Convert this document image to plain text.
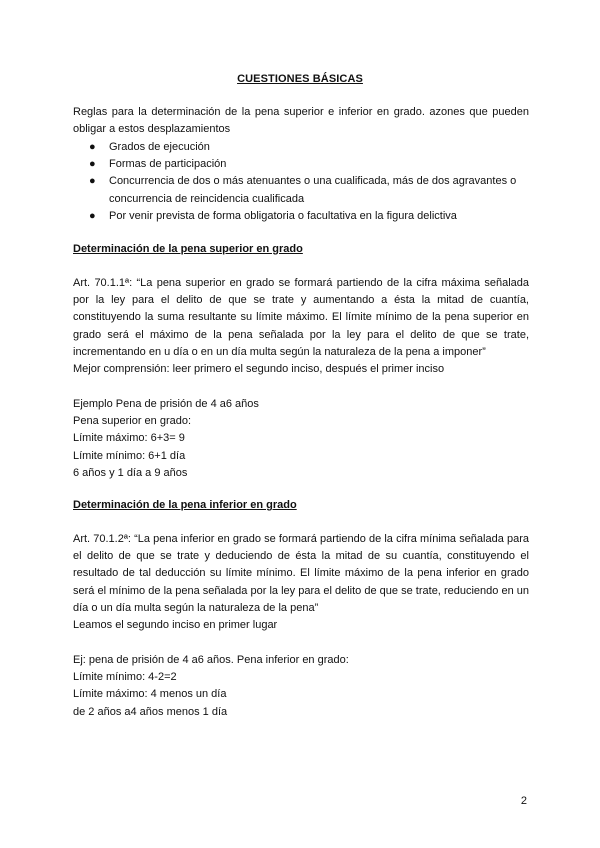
CUESTIONES BÁSICAS
Reglas para la determinación de la pena superior e inferior en grado. azones que pueden obligar a estos desplazamientos
● Grados de ejecución
● Formas de participación
● Concurrencia de dos o más atenuantes o una cualificada, más de dos agravantes o concurrencia de reincidencia cualificada
● Por venir prevista de forma obligatoria o facultativa en la figura delictiva
Determinación de la pena superior en grado
Art. 70.1.1ª: “La pena superior en grado se formará partiendo de la cifra máxima señalada por la ley para el delito de que se trate y aumentando a ésta la mitad de cuantía, constituyendo la suma resultante su límite máximo. El límite mínimo de la pena superior en grado será el máximo de la pena señalada por la ley para el delito de que se trate, incrementando en u día o en un día multa según la naturaleza de la pena a imponer”
Mejor comprensión: leer primero el segundo inciso, después el primer inciso
Ejemplo Pena de prisión de 4 a6 años
Pena superior en grado:
Límite máximo: 6+3= 9
Límite mínimo: 6+1 día
6 años y 1 día a 9 años
Determinación de la pena inferior en grado
Art. 70.1.2ª: “La pena inferior en grado se formará partiendo de la cifra mínima señalada para el delito de que se trate y deduciendo de ésta la mitad de su cuantía, constituyendo el resultado de tal deducción su límite mínimo. El límite máximo de la pena inferior en grado será el mínimo de la pena señalada por la ley para el delito de que se trate, reduciendo en un día o un día multa según la naturaleza de la pena”
Leamos el segundo inciso en primer lugar
Ej: pena de prisión de 4 a6 años. Pena inferior en grado:
Límite mínimo: 4-2=2
Límite máximo: 4 menos un día
de 2 años a4 años menos 1 día
2
